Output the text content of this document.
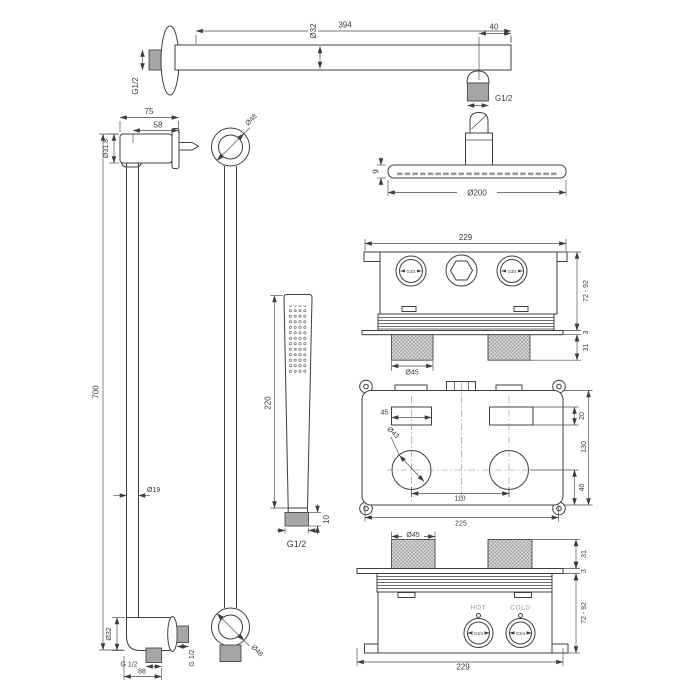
394
Ø32	40
G1/2
G1/2
9
Ø200
75
58
Ø31.8
700
Ø19
Ø32
G 1/2	G 1/2
88
Ø48
Ø48
220
10
G1/2
G3/4	G3/4
229
72 - 92
3
31
Ø45
45
Ø43
110
225
20
130
40
HOT	COLD
G3/4	G3/4
Ø45
31
3
72 - 92
229
